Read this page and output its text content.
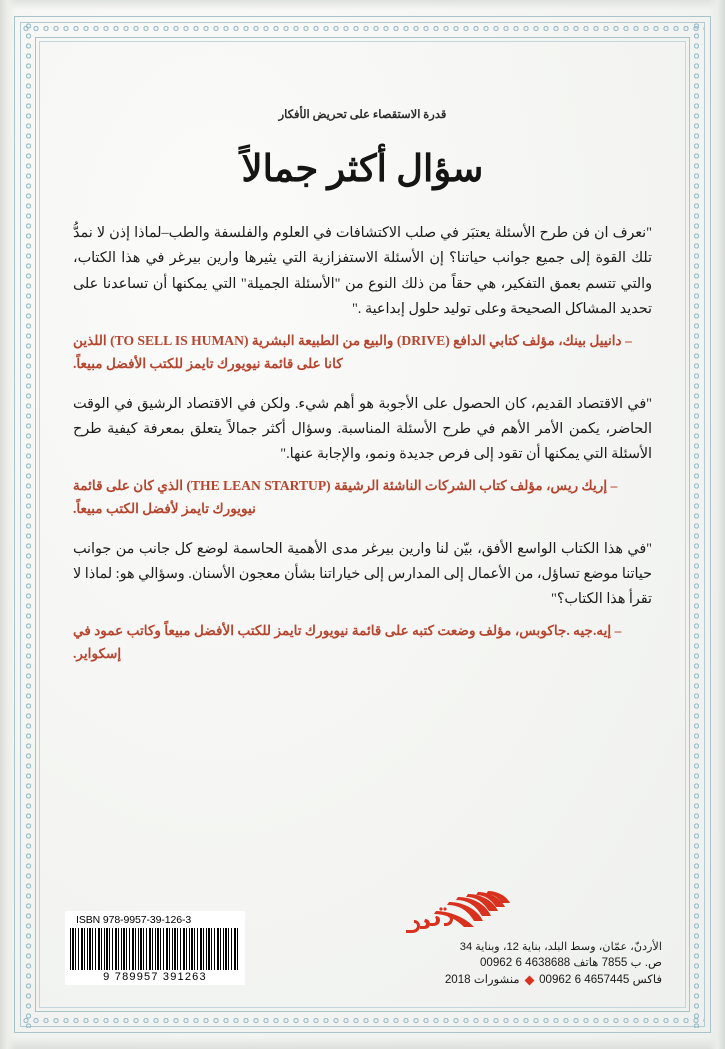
قدرة الاستقصاء على تحريض الأفكار
سؤال أكثر جمالاً

"نعرف ان فن طرح الأسئلة يعتبَر في صلب الاكتشافات في العلوم والفلسفة والطب–لماذا إذن لا نمدُّ تلك القوة إلى جميع جوانب حياتنا؟ إن الأسئلة الاستفزازية التي يثيرها وارين بيرغر في هذا الكتاب، والتي تتسم بعمق التفكير، هي حقاً من ذلك النوع من "الأسئلة الجميلة" التي يمكنها أن تساعدنا على تحديد المشاكل الصحيحة وعلى توليد حلول إبداعية ."

– دانييل بينك، مؤلف كتابي الدافع (DRIVE) والبيع من الطبيعة البشرية (TO SELL IS HUMAN) اللذين كانا على قائمة نيويورك تايمز للكتب الأفضل مبيعاً.

"في الاقتصاد القديم، كان الحصول على الأجوبة هو أهم شيء. ولكن في الاقتصاد الرشيق في الوقت الحاضر، يكمن الأمر الأهم في طرح الأسئلة المناسبة. وسؤال أكثر جمالاً يتعلق بمعرفة كيفية طرح الأسئلة التي يمكنها أن تقود إلى فرص جديدة ونمو، والإجابة عنها."

– إريك ريس، مؤلف كتاب الشركات الناشئة الرشيقة (THE LEAN STARTUP) الذي كان على قائمة نيويورك تايمز لأفضل الكتب مبيعاً.

"في هذا الكتاب الواسع الأفق، بيّن لنا وارين بيرغر مدى الأهمية الحاسمة لوضع كل جانب من جوانب حياتنا موضع تساؤل، من الأعمال إلى المدارس إلى خياراتنا بشأن معجون الأسنان. وسؤالي هو: لماذا لا تقرأ هذا الكتاب؟"

– إيه.جيه .جاكوبس، مؤلف وضعت كتبه على قائمة نيويورك تايمز للكتب الأفضل مبيعاً وكاتب عمود في إسكواير.

ISBN 978-9957-39-126-3
9 789957 391263
الأردنّ، عمّان، وسط البلد، بناية 12، وبناية 34
ص. ب 7855 هاتف 4638688 6 00962
فاكس 4657445 6 00962  منشورات 2018
